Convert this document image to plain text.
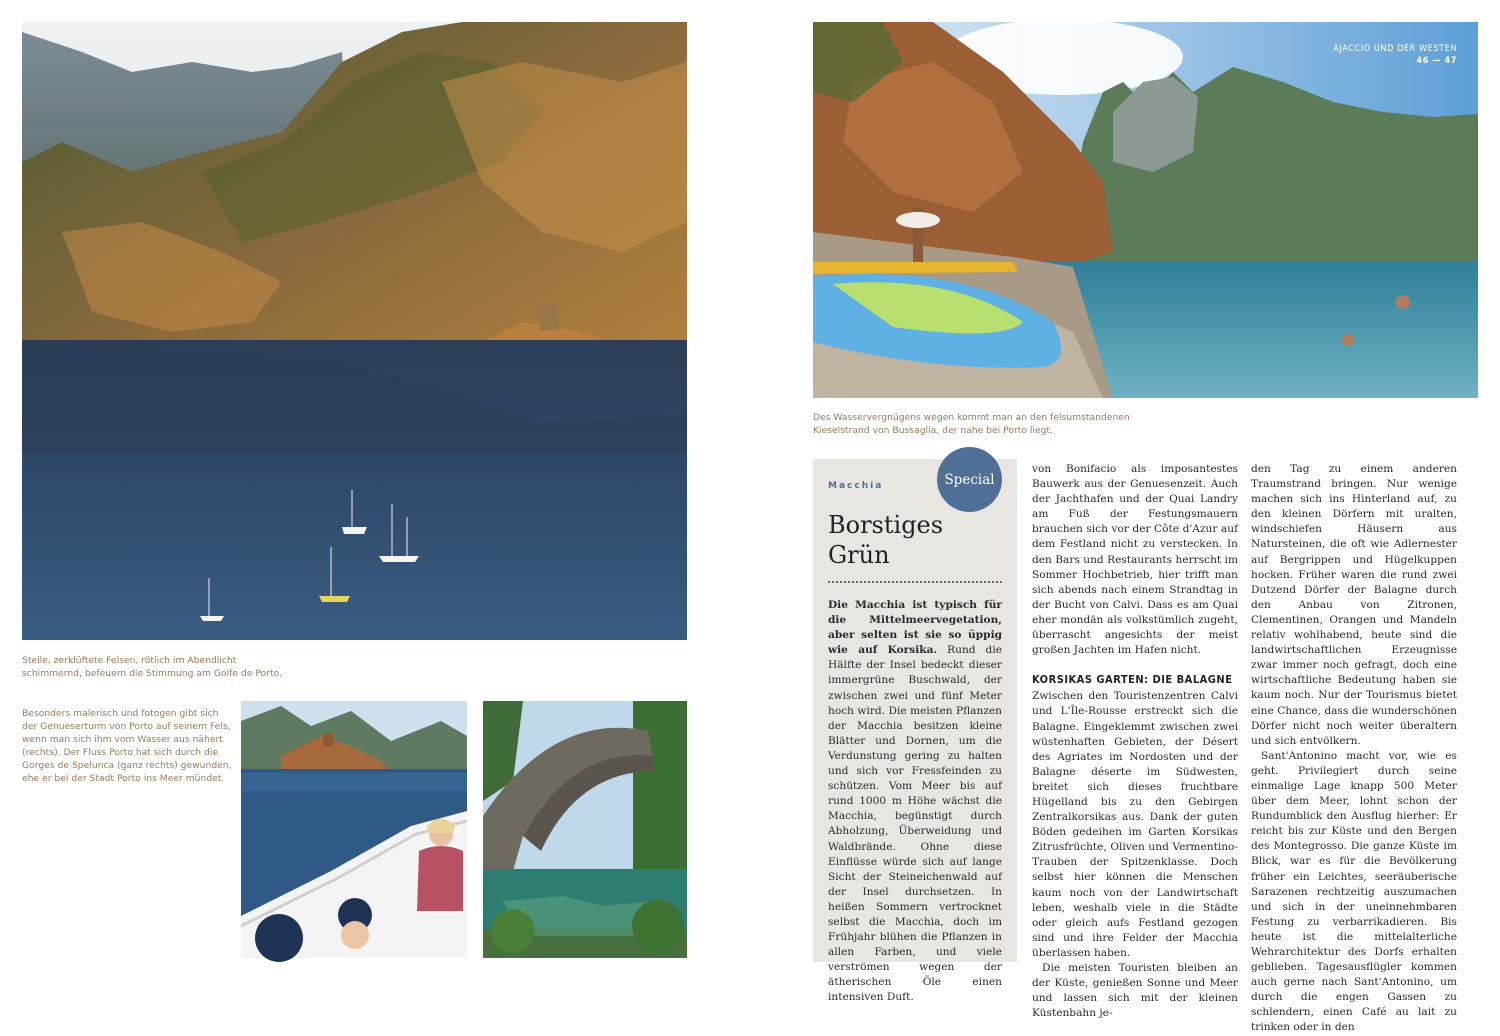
Steile, zerklüftete Felsen, rötlich im Abendlicht schimmernd, befeuern die Stimmung am Golfe de Porto.
Besonders malerisch und fotogen gibt sich der Genueserturm von Porto auf seinem Fels, wenn man sich ihm vom Wasser aus nähert (rechts). Der Fluss Porto hat sich durch die Gorges de Spelunca (ganz rechts) gewunden, ehe er bei der Stadt Porto ins Meer mündet.
AJACCIO UND DER WESTEN
46 — 47
Des Wasservergnügens wegen kommt man an den felsumstandenen Kieselstrand von Bussaglia, der nahe bei Porto liegt.
Macchia
Borstiges Grün
Die Macchia ist typisch für die Mittelmeervegetation, aber selten ist sie so üppig wie auf Korsika. Rund die Hälfte der Insel bedeckt dieser immergrüne Buschwald, der zwischen zwei und fünf Meter hoch wird. Die meisten Pflanzen der Macchia besitzen kleine Blätter und Dornen, um die Verdunstung gering zu halten und sich vor Fressfeinden zu schützen. Vom Meer bis auf rund 1000 m Höhe wächst die Macchia, begünstigt durch Abholzung, Überweidung und Waldbrände. Ohne diese Einflüsse würde sich auf lange Sicht der Steineichenwald auf der Insel durchsetzen. In heißen Sommern vertrocknet selbst die Macchia, doch im Frühjahr blühen die Pflanzen in allen Farben, und viele verströmen wegen der ätherischen Öle einen intensiven Duft.
Special

von Bonifacio als imposantestes Bauwerk aus der Genuesenzeit. Auch der Jachthafen und der Quai Landry am Fuß der Festungsmauern brauchen sich vor der Côte d'Azur auf dem Festland nicht zu verstecken. In den Bars und Restaurants herrscht im Sommer Hochbetrieb, hier trifft man sich abends nach einem Strandtag in der Bucht von Calvi. Dass es am Quai eher mondän als volkstümlich zugeht, überrascht angesichts der meist großen Jachten im Hafen nicht.

KORSIKAS GARTEN: DIE BALAGNE

Zwischen den Touristenzentren Calvi und L'Île-Rousse erstreckt sich die Balagne. Eingeklemmt zwischen zwei wüstenhaften Gebieten, der Désert des Agriates im Nordosten und der Balagne déserte im Südwesten, breitet sich dieses fruchtbare Hügelland bis zu den Gebirgen Zentralkorsikas aus. Dank der guten Böden gedeihen im Garten Korsikas Zitrusfrüchte, Oliven und Vermentino-Trauben der Spitzenklasse. Doch selbst hier können die Menschen kaum noch von der Landwirtschaft leben, weshalb viele in die Städte oder gleich aufs Festland gezogen sind und ihre Felder der Macchia überlassen haben.

Die meisten Touristen bleiben an der Küste, genießen Sonne und Meer und lassen sich mit der kleinen Küstenbahn je-

den Tag zu einem anderen Traumstrand bringen. Nur wenige machen sich ins Hinterland auf, zu den kleinen Dörfern mit uralten, windschiefen Häusern aus Natursteinen, die oft wie Adlernester auf Bergrippen und Hügelkuppen hocken. Früher waren die rund zwei Dutzend Dörfer der Balagne durch den Anbau von Zitronen, Clementinen, Orangen und Mandeln relativ wohlhabend, heute sind die landwirtschaftlichen Erzeugnisse zwar immer noch gefragt, doch eine wirtschaftliche Bedeutung haben sie kaum noch. Nur der Tourismus bietet eine Chance, dass die wunderschönen Dörfer nicht noch weiter überaltern und sich entvölkern.

Sant'Antonino macht vor, wie es geht. Privilegiert durch seine einmalige Lage knapp 500 Meter über dem Meer, lohnt schon der Rundumblick den Ausflug hierher: Er reicht bis zur Küste und den Bergen des Montegrosso. Die ganze Küste im Blick, war es für die Bevölkerung früher ein Leichtes, seeräuberische Sarazenen rechtzeitig auszumachen und sich in der uneinnehmbaren Festung zu verbarrikadieren. Bis heute ist die mittelalterliche Wehrarchitektur des Dorfs erhalten geblieben. Tagesausflügler kommen auch gerne nach Sant'Antonino, um durch die engen Gassen zu schlendern, einen Café au lait zu trinken oder in den
